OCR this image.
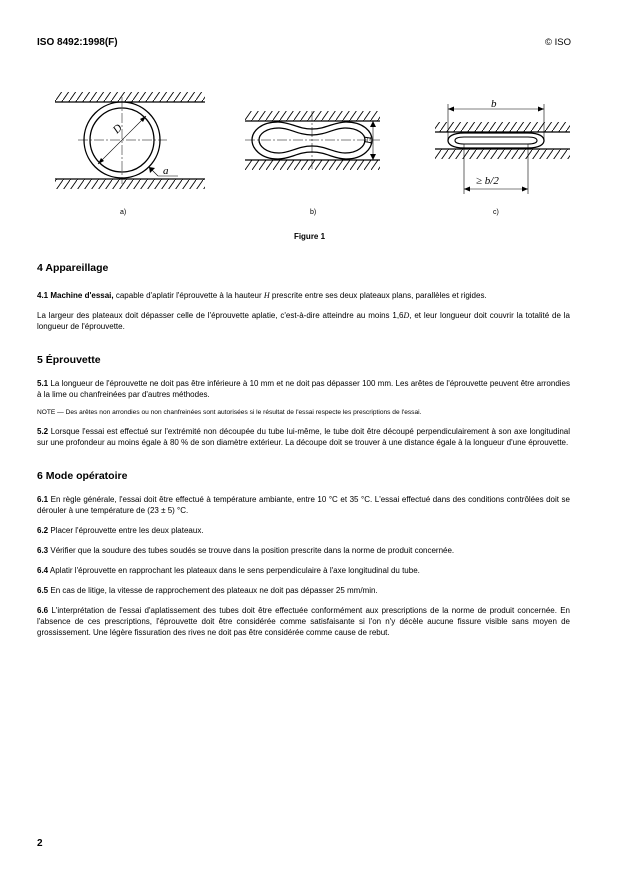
ISO 8492:1998(F)	© ISO
D
a
H
b
≥ b/2
a)	b)	c)
Figure 1
4 Appareillage

4.1 Machine d'essai, capable d'aplatir l'éprouvette à la hauteur H prescrite entre ses deux plateaux plans, parallèles et rigides.

La largeur des plateaux doit dépasser celle de l'éprouvette aplatie, c'est-à-dire atteindre au moins 1,6D, et leur longueur doit couvrir la totalité de la longueur de l'éprouvette.

5 Éprouvette

5.1 La longueur de l'éprouvette ne doit pas être inférieure à 10 mm et ne doit pas dépasser 100 mm. Les arêtes de l'éprouvette peuvent être arrondies à la lime ou chanfreinées par d'autres méthodes.

NOTE — Des arêtes non arrondies ou non chanfreinées sont autorisées si le résultat de l'essai respecte les prescriptions de l'essai.

5.2 Lorsque l'essai est effectué sur l'extrémité non découpée du tube lui-même, le tube doit être découpé perpendiculairement à son axe longitudinal sur une profondeur au moins égale à 80 % de son diamètre extérieur. La découpe doit se trouver à une distance égale à la longueur d'une éprouvette.

6 Mode opératoire

6.1 En règle générale, l'essai doit être effectué à température ambiante, entre 10 °C et 35 °C. L'essai effectué dans des conditions contrôlées doit se dérouler à une température de (23 ± 5) °C.

6.2 Placer l'éprouvette entre les deux plateaux.

6.3 Vérifier que la soudure des tubes soudés se trouve dans la position prescrite dans la norme de produit concernée.

6.4 Aplatir l'éprouvette en rapprochant les plateaux dans le sens perpendiculaire à l'axe longitudinal du tube.

6.5 En cas de litige, la vitesse de rapprochement des plateaux ne doit pas dépasser 25 mm/min.

6.6 L'interprétation de l'essai d'aplatissement des tubes doit être effectuée conformément aux prescriptions de la norme de produit concernée. En l'absence de ces prescriptions, l'éprouvette doit être considérée comme satisfaisante si l'on n'y décèle aucune fissure visible sans moyen de grossissement. Une légère fissuration des rives ne doit pas être considérée comme cause de rebut.

2
